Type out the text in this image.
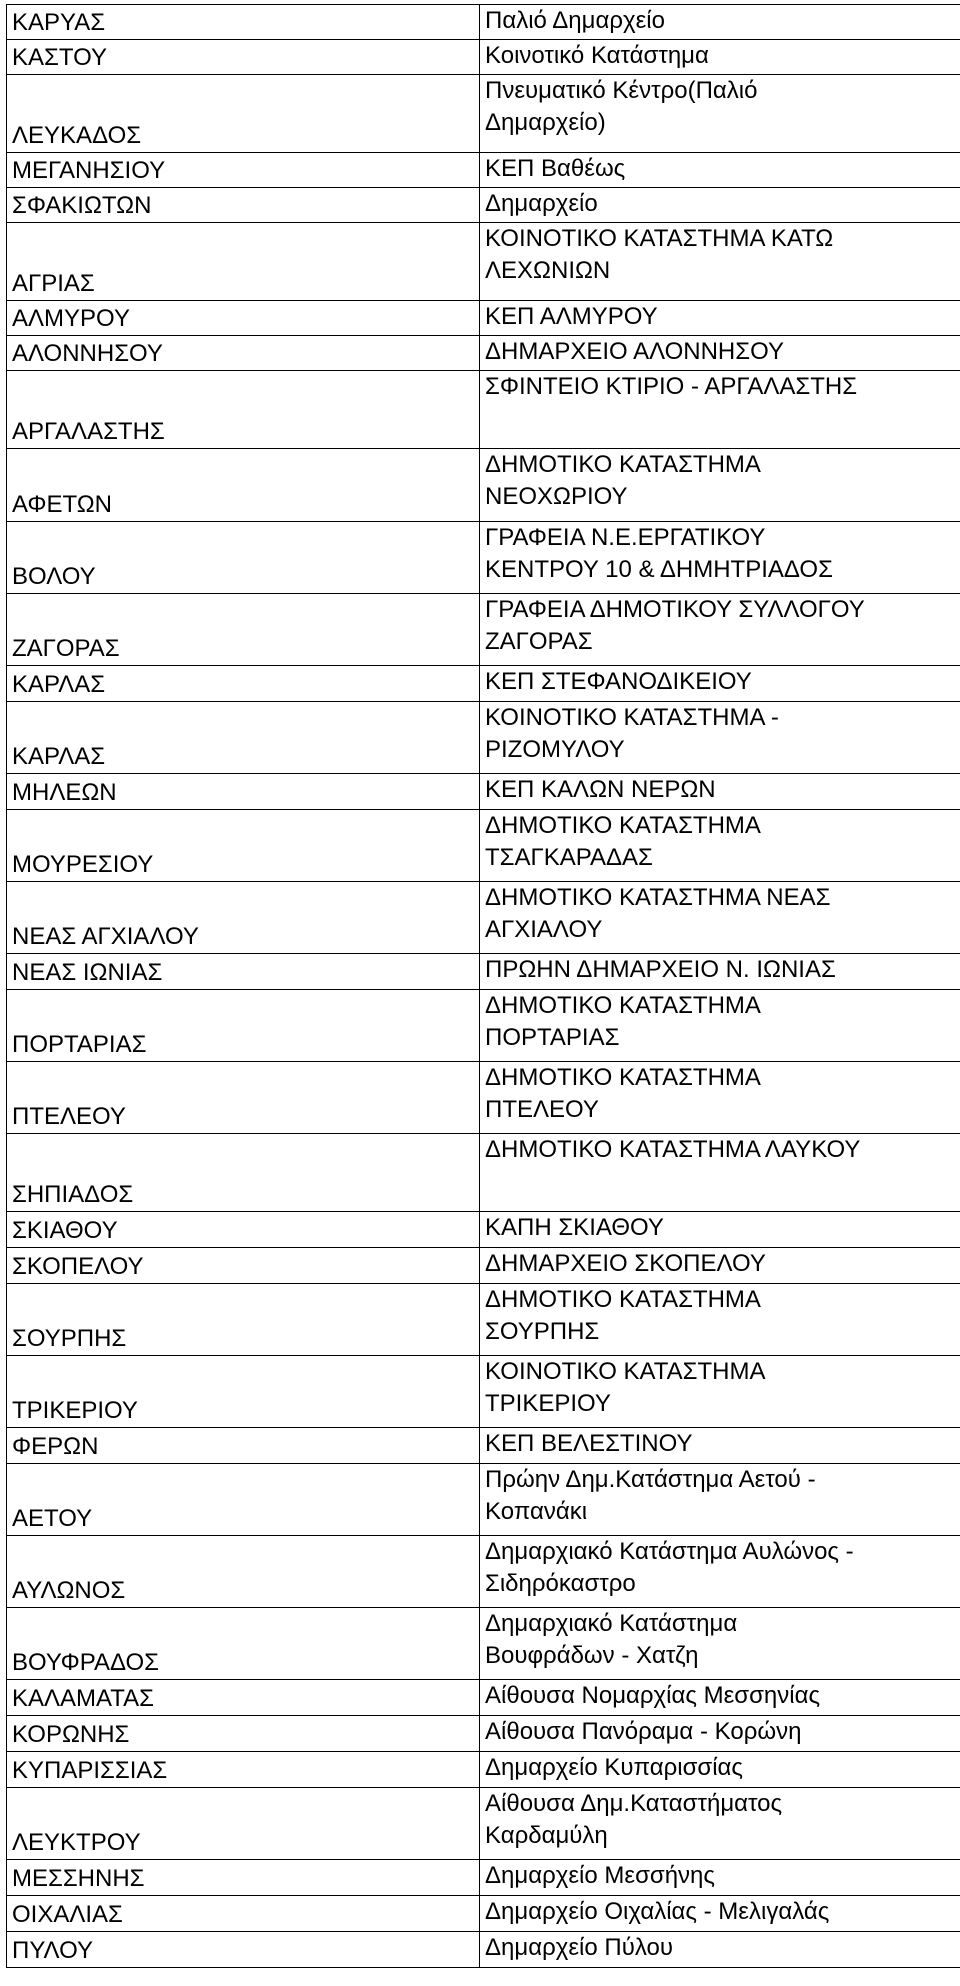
ΚΑΡΥΑΣ	Παλιό Δημαρχείο
ΚΑΣΤΟΥ	Κοινοτικό Κατάστημα
ΛΕΥΚΑΔΟΣ	Πνευματικό Κέντρο(Παλιό
Δημαρχείο)
ΜΕΓΑΝΗΣΙΟΥ	ΚΕΠ Βαθέως
ΣΦΑΚΙΩΤΩΝ	Δημαρχείο
ΑΓΡΙΑΣ	ΚΟΙΝΟΤΙΚΟ ΚΑΤΑΣΤΗΜΑ ΚΑΤΩ
ΛΕΧΩΝΙΩΝ
ΑΛΜΥΡΟΥ	ΚΕΠ ΑΛΜΥΡΟΥ
ΑΛΟΝΝΗΣΟΥ	ΔΗΜΑΡΧΕΙΟ ΑΛΟΝΝΗΣΟΥ
ΑΡΓΑΛΑΣΤΗΣ	ΣΦΙΝΤΕΙΟ ΚΤΙΡΙΟ - ΑΡΓΑΛΑΣΤΗΣ
ΑΦΕΤΩΝ	ΔΗΜΟΤΙΚΟ ΚΑΤΑΣΤΗΜΑ
ΝΕΟΧΩΡΙΟΥ
ΒΟΛΟΥ	ΓΡΑΦΕΙΑ Ν.Ε.ΕΡΓΑΤΙΚΟΥ
ΚΕΝΤΡΟΥ 10 & ΔΗΜΗΤΡΙΑΔΟΣ
ΖΑΓΟΡΑΣ	ΓΡΑΦΕΙΑ ΔΗΜΟΤΙΚΟΥ ΣΥΛΛΟΓΟΥ
ΖΑΓΟΡΑΣ
ΚΑΡΛΑΣ	ΚΕΠ ΣΤΕΦΑΝΟΔΙΚΕΙΟΥ
ΚΑΡΛΑΣ	ΚΟΙΝΟΤΙΚΟ ΚΑΤΑΣΤΗΜΑ -
ΡΙΖΟΜΥΛΟΥ
ΜΗΛΕΩΝ	ΚΕΠ ΚΑΛΩΝ ΝΕΡΩΝ
ΜΟΥΡΕΣΙΟΥ	ΔΗΜΟΤΙΚΟ ΚΑΤΑΣΤΗΜΑ
ΤΣΑΓΚΑΡΑΔΑΣ
ΝΕΑΣ ΑΓΧΙΑΛΟΥ	ΔΗΜΟΤΙΚΟ ΚΑΤΑΣΤΗΜΑ ΝΕΑΣ
ΑΓΧΙΑΛΟΥ
ΝΕΑΣ ΙΩΝΙΑΣ	ΠΡΩΗΝ ΔΗΜΑΡΧΕΙΟ Ν. ΙΩΝΙΑΣ
ΠΟΡΤΑΡΙΑΣ	ΔΗΜΟΤΙΚΟ ΚΑΤΑΣΤΗΜΑ
ΠΟΡΤΑΡΙΑΣ
ΠΤΕΛΕΟΥ	ΔΗΜΟΤΙΚΟ ΚΑΤΑΣΤΗΜΑ
ΠΤΕΛΕΟΥ
ΣΗΠΙΑΔΟΣ	ΔΗΜΟΤΙΚΟ ΚΑΤΑΣΤΗΜΑ ΛΑΥΚΟΥ
ΣΚΙΑΘΟΥ	ΚΑΠΗ ΣΚΙΑΘΟΥ
ΣΚΟΠΕΛΟΥ	ΔΗΜΑΡΧΕΙΟ ΣΚΟΠΕΛΟΥ
ΣΟΥΡΠΗΣ	ΔΗΜΟΤΙΚΟ ΚΑΤΑΣΤΗΜΑ
ΣΟΥΡΠΗΣ
ΤΡΙΚΕΡΙΟΥ	ΚΟΙΝΟΤΙΚΟ ΚΑΤΑΣΤΗΜΑ
ΤΡΙΚΕΡΙΟΥ
ΦΕΡΩΝ	ΚΕΠ ΒΕΛΕΣΤΙΝΟΥ
ΑΕΤΟΥ	Πρώην Δημ.Κατάστημα Αετού -
Κοπανάκι
ΑΥΛΩΝΟΣ	Δημαρχιακό Κατάστημα Αυλώνος -
Σιδηρόκαστρο
ΒΟΥΦΡΑΔΟΣ	Δημαρχιακό Κατάστημα
Βουφράδων - Χατζη
ΚΑΛΑΜΑΤΑΣ	Αίθουσα Νομαρχίας Μεσσηνίας
ΚΟΡΩΝΗΣ	Αίθουσα Πανόραμα - Κορώνη
ΚΥΠΑΡΙΣΣΙΑΣ	Δημαρχείο Κυπαρισσίας
ΛΕΥΚΤΡΟΥ	Αίθουσα Δημ.Καταστήματος
Καρδαμύλη
ΜΕΣΣΗΝΗΣ	Δημαρχείο Μεσσήνης
ΟΙΧΑΛΙΑΣ	Δημαρχείο Οιχαλίας - Μελιγαλάς
ΠΥΛΟΥ	Δημαρχείο Πύλου
